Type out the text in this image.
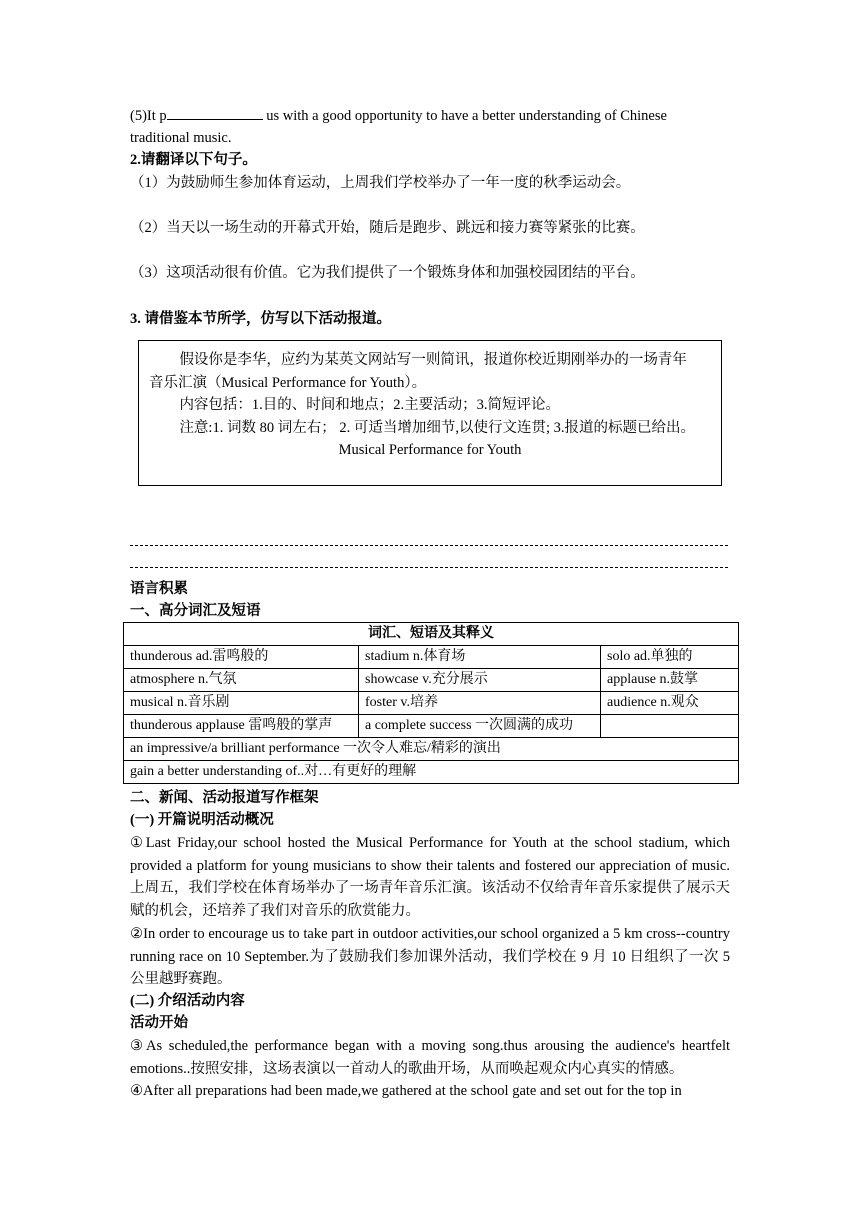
(5)It p	us with a good opportunity to have a better understanding of Chinese
traditional music.
2.请翻译以下句子。
（1）为鼓励师生参加体育运动，上周我们学校举办了一年一度的秋季运动会。
（2）当天以一场生动的开幕式开始，随后是跑步、跳远和接力赛等紧张的比赛。
（3）这项活动很有价值。它为我们提供了一个锻炼身体和加强校园团结的平台。
3. 请借鉴本节所学，仿写以下活动报道。

假设你是李华，应约为某英文网站写一则简讯，报道你校近期刚举办的一场青年

音乐汇演（Musical Performance for Youth）。

内容包括：1.目的、时间和地点；2.主要活动；3.简短评论。

注意:1. 词数 80 词左右； 2. 可适当增加细节,以使行文连贯; 3.报道的标题已给出。

Musical Performance for Youth

语言积累
一、高分词汇及短语
词汇、短语及其释义		
thunderous ad.雷鸣般的	stadium n.体育场	solo ad.单独的
atmosphere n.气氛	showcase v.充分展示	applause n.鼓掌
musical n.音乐剧	foster v.培养	audience n.观众
thunderous applause 雷鸣般的掌声	a complete success 一次圆满的成功	
an impressive/a brilliant performance 一次令人难忘/精彩的演出		
gain a better understanding of..对…有更好的理解		
二、新闻、活动报道写作框架
(一) 开篇说明活动概况

①Last Friday,our school hosted the Musical Performance for Youth at the school stadium, which provided a platform for young musicians to show their talents and fostered our appreciation of music.上周五，我们学校在体育场举办了一场青年音乐汇演。该活动不仅给青年音乐家提供了展示天赋的机会，还培养了我们对音乐的欣赏能力。

②In order to encourage us to take part in outdoor activities,our school organized a 5 km cross--country running race on 10 September.为了鼓励我们参加课外活动，我们学校在 9 月 10 日组织了一次 5 公里越野赛跑。

(二) 介绍活动内容
活动开始

③As scheduled,the performance began with a moving song.thus arousing the audience's heartfelt emotions..按照安排，这场表演以一首动人的歌曲开场，从而唤起观众内心真实的情感。

④After all preparations had been made,we gathered at the school gate and set out for the top in
